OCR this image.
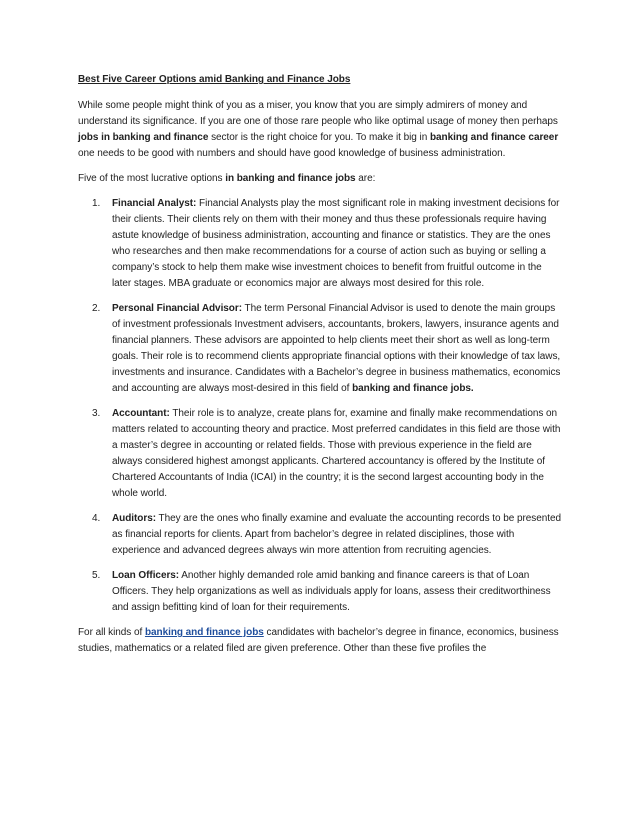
Best Five Career Options amid Banking and Finance Jobs

While some people might think of you as a miser, you know that you are simply admirers of money and understand its significance. If you are one of those rare people who like optimal usage of money then perhaps jobs in banking and finance sector is the right choice for you. To make it big in banking and finance career one needs to be good with numbers and should have good knowledge of business administration.

Five of the most lucrative options in banking and finance jobs are:

1. Financial Analyst: Financial Analysts play the most significant role in making investment decisions for their clients. Their clients rely on them with their money and thus these professionals require having astute knowledge of business administration, accounting and finance or statistics. They are the ones who researches and then make recommendations for a course of action such as buying or selling a company’s stock to help them make wise investment choices to benefit from fruitful outcome in the later stages. MBA graduate or economics major are always most desired for this role.
2. Personal Financial Advisor: The term Personal Financial Advisor is used to denote the main groups of investment professionals Investment advisers, accountants, brokers, lawyers, insurance agents and financial planners. These advisors are appointed to help clients meet their short as well as long-term goals. Their role is to recommend clients appropriate financial options with their knowledge of tax laws, investments and insurance. Candidates with a Bachelor’s degree in business mathematics, economics and accounting are always most-desired in this field of banking and finance jobs.
3. Accountant: Their role is to analyze, create plans for, examine and finally make recommendations on matters related to accounting theory and practice. Most preferred candidates in this field are those with a master’s degree in accounting or related fields. Those with previous experience in the field are always considered highest amongst applicants. Chartered accountancy is offered by the Institute of Chartered Accountants of India (ICAI) in the country; it is the second largest accounting body in the whole world.
4. Auditors: They are the ones who finally examine and evaluate the accounting records to be presented as financial reports for clients. Apart from bachelor’s degree in related disciplines, those with experience and advanced degrees always win more attention from recruiting agencies.
5. Loan Officers: Another highly demanded role amid banking and finance careers is that of Loan Officers. They help organizations as well as individuals apply for loans, assess their creditworthiness and assign befitting kind of loan for their requirements.

For all kinds of banking and finance jobs candidates with bachelor’s degree in finance, economics, business studies, mathematics or a related filed are given preference. Other than these five profiles the
